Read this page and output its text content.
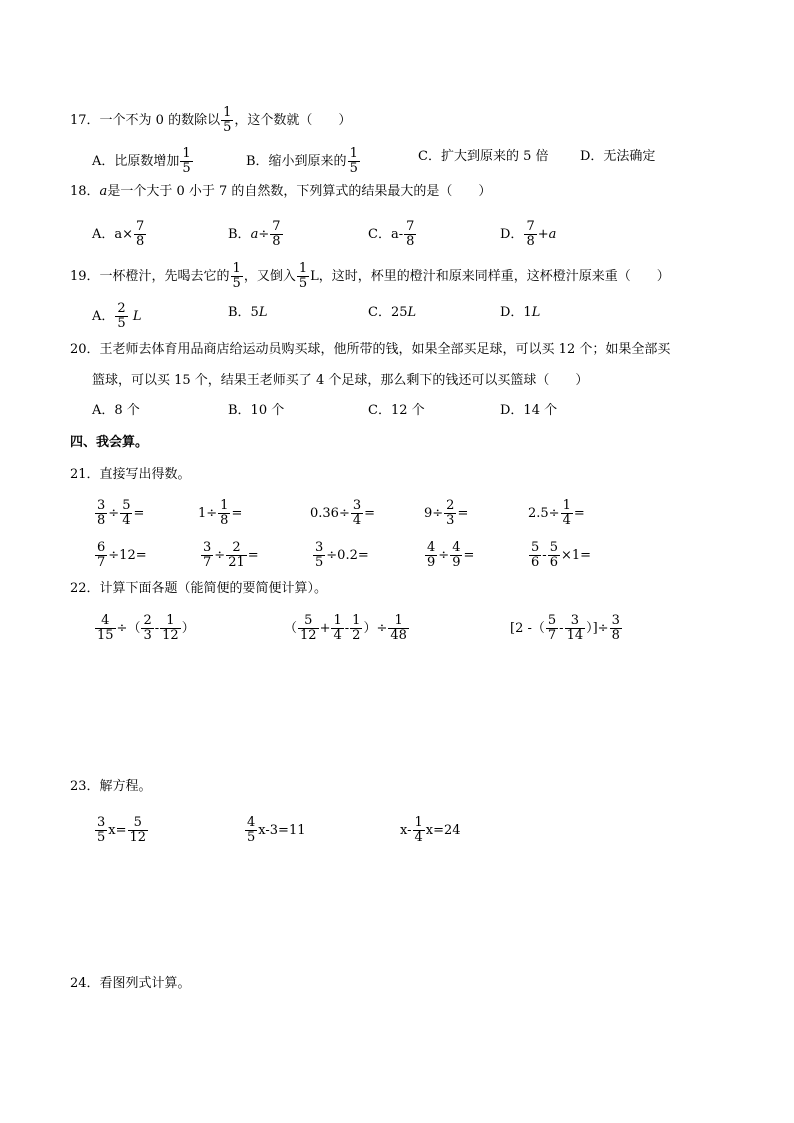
17．一个不为 0 的数除以 $\frac{1}{5}$ ，这个数就（　　）
A．比原数增加 $\frac{1}{5}$	B．缩小到原来的 $\frac{1}{5}$	C．扩大到原来的 5 倍 D．无法确定
18．a是一个大于 0 小于 7 的自然数，下列算式的结果最大的是（　　）
A．$a\times \frac{7}{8}$	B．$a\div \frac{7}{8}$	C．$a- \frac{7}{8}$	D． $\frac{7}{8} +a$
19．一杯橙汁，先喝去它的 $\frac{1}{5}$ ，又倒入 $\frac{1}{5}$ L，这时，杯里的橙汁和原来同样重，这杯橙汁原来重（　　）
A． $\frac{2}{5}$ L	B．5L	C．25L	D．1L
20．王老师去体育用品商店给运动员购买球，他所带的钱，如果全部买足球，可以买 12 个；如果全部买
篮球，可以买 15 个，结果王老师买了 4 个足球，那么剩下的钱还可以买篮球（　　）
A．8 个	B．10 个	C．12 个	D．14 个
四、我会算。
21．直接写出得数。
$\frac{3}{8} \div \frac{5}{4}$ =	$1\div \frac{1}{8}$ =	$0.36\div \frac{3}{4}$ =	$9\div \frac{2}{3}$ =	$2.5\div \frac{1}{4}$ =
$\frac{6}{7} \div 12=$	$\frac{3}{7} \div \frac{2}{21}$ =	$\frac{3}{5} \div 0.2=$	$\frac{4}{9} \div \frac{4}{9}$ =	$\frac{5}{6} - \frac{5}{6} \times 1=$
22．计算下面各题（能简便的要简便计算）。
$\frac{4}{15}$ ÷（ $\frac{2}{3} - \frac{1}{12}$ ）	（ $\frac{5}{12} + \frac{1}{4} - \frac{1}{2}$ ）÷ $\frac{1}{48}$	[2 -（ $\frac{5}{7} - \frac{3}{14}$ ）]÷ $\frac{3}{8}$
23．解方程。
$\frac{3}{5} x= \frac{5}{12}$	$\frac{4}{5} x-3=11$	$x- \frac{1}{4} x=24$
24．看图列式计算。
